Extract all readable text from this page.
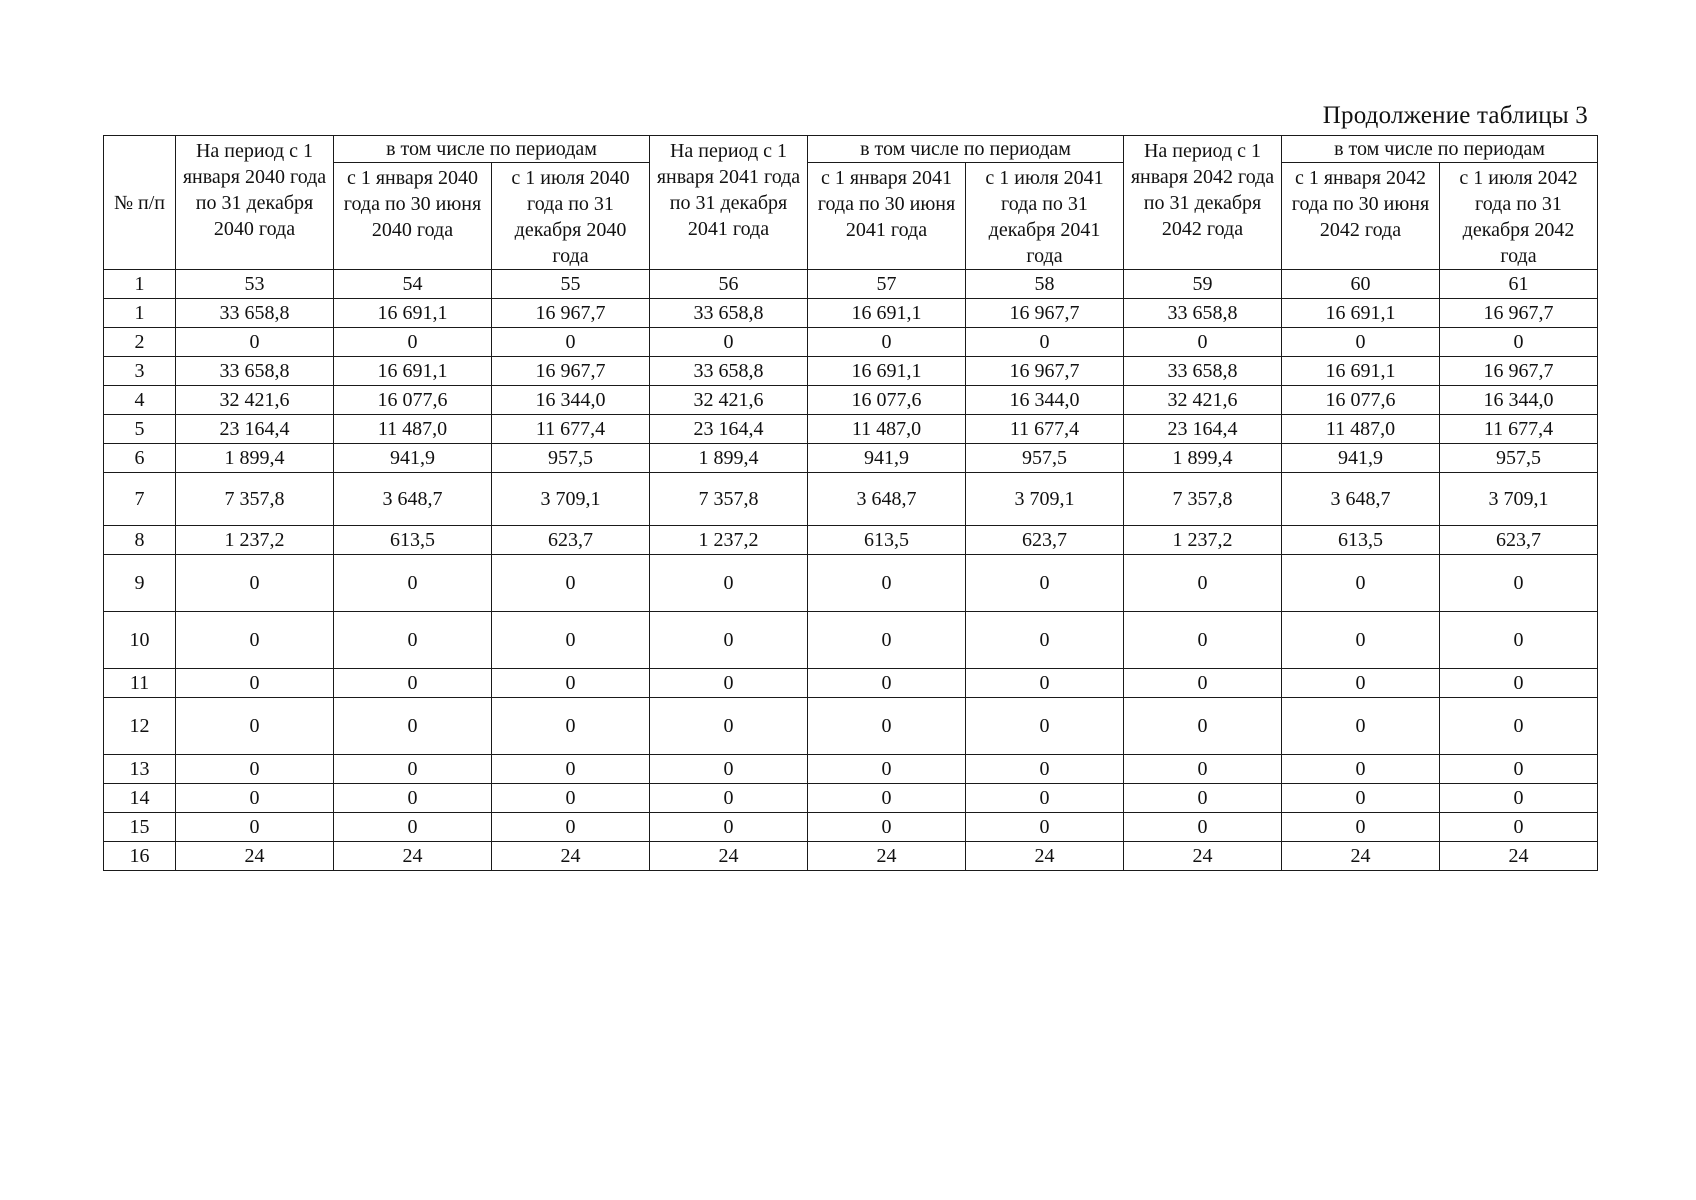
Продолжение таблицы 3
№ п/п	На период с 1 января 2040 года по 31 декабря 2040 года	в том числе по периодам		На период с 1 января 2041 года по 31 декабря 2041 года	в том числе по периодам		На период с 1 января 2042 года по 31 декабря 2042 года	в том числе по периодам	
		с 1 января 2040 года по 30 июня 2040 года	с 1 июля 2040 года по 31 декабря 2040 года		с 1 января 2041 года по 30 июня 2041 года	с 1 июля 2041 года по 31 декабря 2041 года		с 1 января 2042 года по 30 июня 2042 года	с 1 июля 2042 года по 31 декабря 2042 года
1	53	54	55	56	57	58	59	60	61
1	33 658,8	16 691,1	16 967,7	33 658,8	16 691,1	16 967,7	33 658,8	16 691,1	16 967,7
2	0	0	0	0	0	0	0	0	0
3	33 658,8	16 691,1	16 967,7	33 658,8	16 691,1	16 967,7	33 658,8	16 691,1	16 967,7
4	32 421,6	16 077,6	16 344,0	32 421,6	16 077,6	16 344,0	32 421,6	16 077,6	16 344,0
5	23 164,4	11 487,0	11 677,4	23 164,4	11 487,0	11 677,4	23 164,4	11 487,0	11 677,4
6	1 899,4	941,9	957,5	1 899,4	941,9	957,5	1 899,4	941,9	957,5
7	7 357,8	3 648,7	3 709,1	7 357,8	3 648,7	3 709,1	7 357,8	3 648,7	3 709,1
8	1 237,2	613,5	623,7	1 237,2	613,5	623,7	1 237,2	613,5	623,7
9	0	0	0	0	0	0	0	0	0
10	0	0	0	0	0	0	0	0	0
11	0	0	0	0	0	0	0	0	0
12	0	0	0	0	0	0	0	0	0
13	0	0	0	0	0	0	0	0	0
14	0	0	0	0	0	0	0	0	0
15	0	0	0	0	0	0	0	0	0
16	24	24	24	24	24	24	24	24	24
